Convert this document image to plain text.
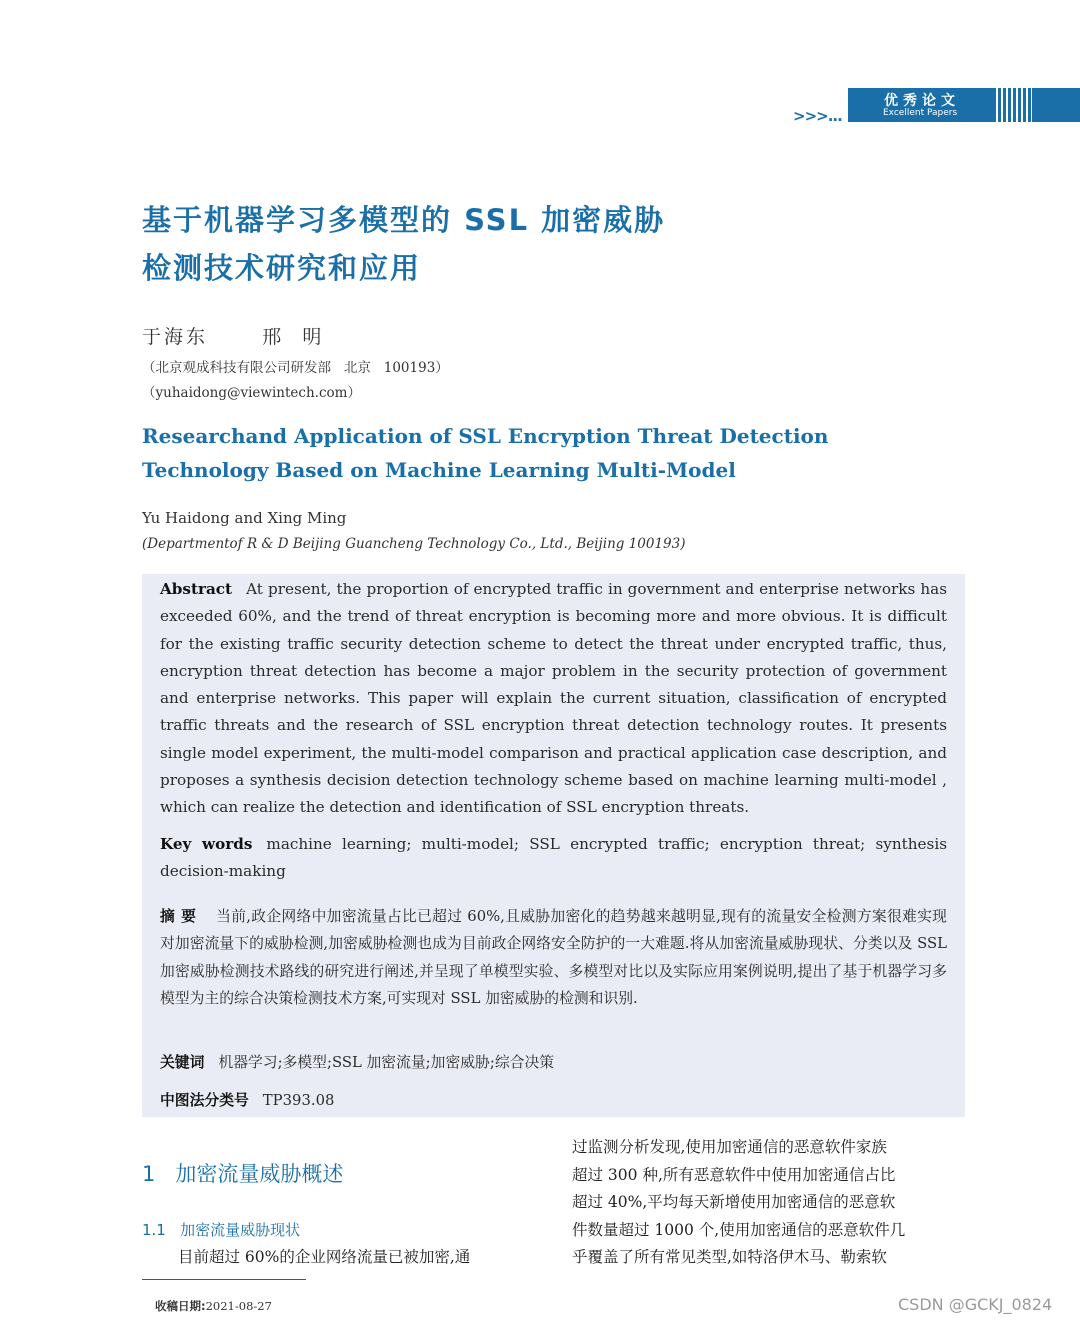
>>>...
优秀论文
Excellent Papers
基于机器学习多模型的 SSL 加密威胁
检测技术研究和应用
于海东      邢  明
（北京观成科技有限公司研发部   北京   100193）
（yuhaidong@viewintech.com）
Researchand Application of SSL Encryption Threat Detection
Technology Based on Machine Learning Multi-Model
Yu Haidong and Xing Ming
(Departmentof R & D Beijing Guancheng Technology Co., Ltd., Beijing 100193)
Abstract At present, the proportion of encrypted traffic in government and enterprise networks has exceeded 60%, and the trend of threat encryption is becoming more and more obvious. It is difficult for the existing traffic security detection scheme to detect the threat under encrypted traffic, thus, encryption threat detection has become a major problem in the security protection of government and enterprise networks. This paper will explain the current situation, classification of encrypted traffic threats and the research of SSL encryption threat detection technology routes. It presents single model experiment, the multi-model comparison and practical application case description, and proposes a synthesis decision detection technology scheme based on machine learning multi-model , which can realize the detection and identification of SSL encryption threats.
Key words machine learning; multi-model; SSL encrypted traffic; encryption threat; synthesis decision-making
摘要 当前,政企网络中加密流量占比已超过 60%,且威胁加密化的趋势越来越明显,现有的流量安全检测方案很难实现对加密流量下的威胁检测,加密威胁检测也成为目前政企网络安全防护的一大难题.将从加密流量威胁现状、分类以及 SSL 加密威胁检测技术路线的研究进行阐述,并呈现了单模型实验、多模型对比以及实际应用案例说明,提出了基于机器学习多模型为主的综合决策检测技术方案,可实现对 SSL 加密威胁的检测和识别.
关键词 机器学习;多模型;SSL 加密流量;加密威胁;综合决策
中图法分类号 TP393.08
1   加密流量威胁概述
1.1   加密流量威胁现状
目前超过 60%的企业网络流量已被加密,通
过监测分析发现,使用加密通信的恶意软件家族
超过 300 种,所有恶意软件中使用加密通信占比
超过 40%,平均每天新增使用加密通信的恶意软
件数量超过 1000 个,使用加密通信的恶意软件几
乎覆盖了所有常见类型,如特洛伊木马、勒索软
收稿日期:2021-08-27	CSDN @GCKJ_0824
